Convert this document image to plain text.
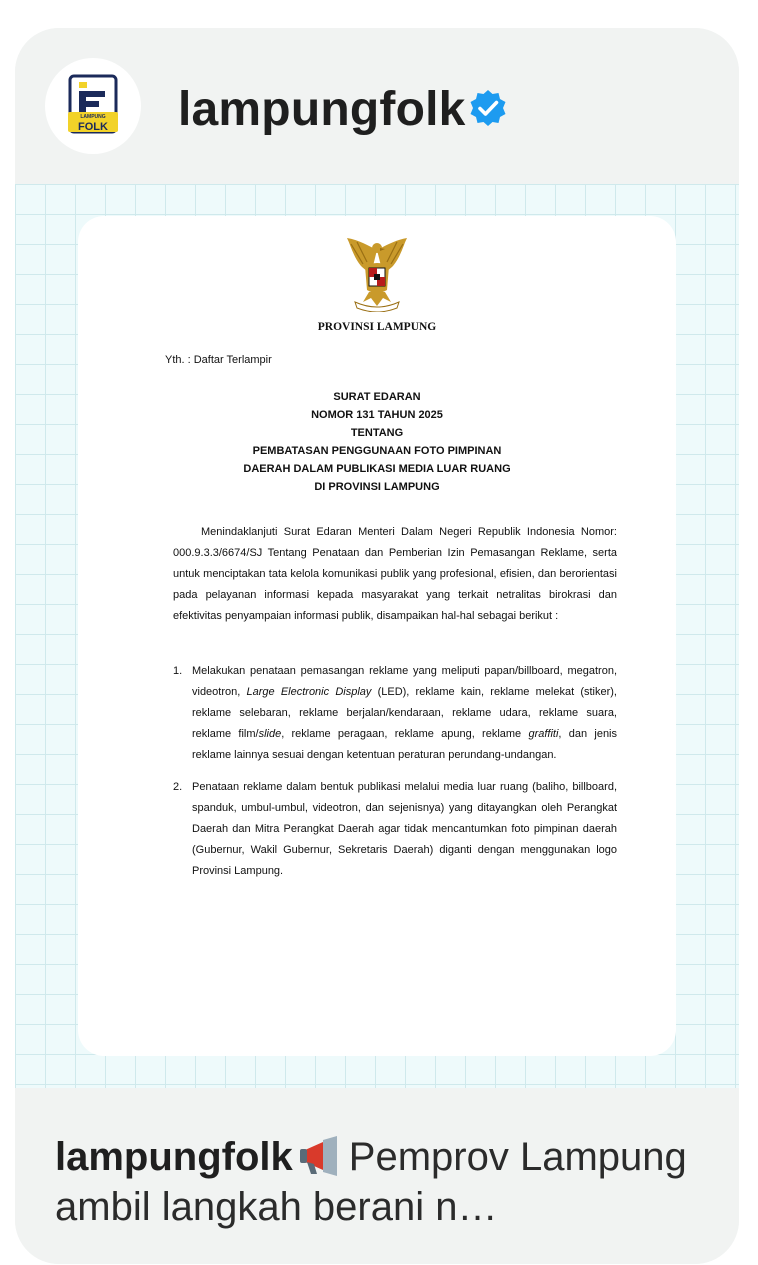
LAMPUNG
FOLK lampungfolk
PROVINSI LAMPUNG
Yth. : Daftar Terlampir
SURAT EDARAN
NOMOR 131 TAHUN 2025
TENTANG
PEMBATASAN PENGGUNAAN FOTO PIMPINAN
DAERAH DALAM PUBLIKASI MEDIA LUAR RUANG
DI PROVINSI LAMPUNG
Menindaklanjuti Surat Edaran Menteri Dalam Negeri Republik Indonesia Nomor: 000.9.3.3/6674/SJ Tentang Penataan dan Pemberian Izin Pemasangan Reklame, serta untuk menciptakan tata kelola komunikasi publik yang profesional, efisien, dan berorientasi pada pelayanan informasi kepada masyarakat yang terkait netralitas birokrasi dan efektivitas penyampaian informasi publik, disampaikan hal-hal sebagai berikut :
1. Melakukan penataan pemasangan reklame yang meliputi papan/billboard, megatron, videotron, Large Electronic Display (LED), reklame kain, reklame melekat (stiker), reklame selebaran, reklame berjalan/kendaraan, reklame udara, reklame suara, reklame film/slide, reklame peragaan, reklame apung, reklame graffiti, dan jenis reklame lainnya sesuai dengan ketentuan peraturan perundang-undangan.
2. Penataan reklame dalam bentuk publikasi melalui media luar ruang (baliho, billboard, spanduk, umbul-umbul, videotron, dan sejenisnya) yang ditayangkan oleh Perangkat Daerah dan Mitra Perangkat Daerah agar tidak mencantumkan foto pimpinan daerah (Gubernur, Wakil Gubernur, Sekretaris Daerah) diganti dengan menggunakan logo Provinsi Lampung.
lampungfolk Pemprov Lampung ambil langkah berani n…
